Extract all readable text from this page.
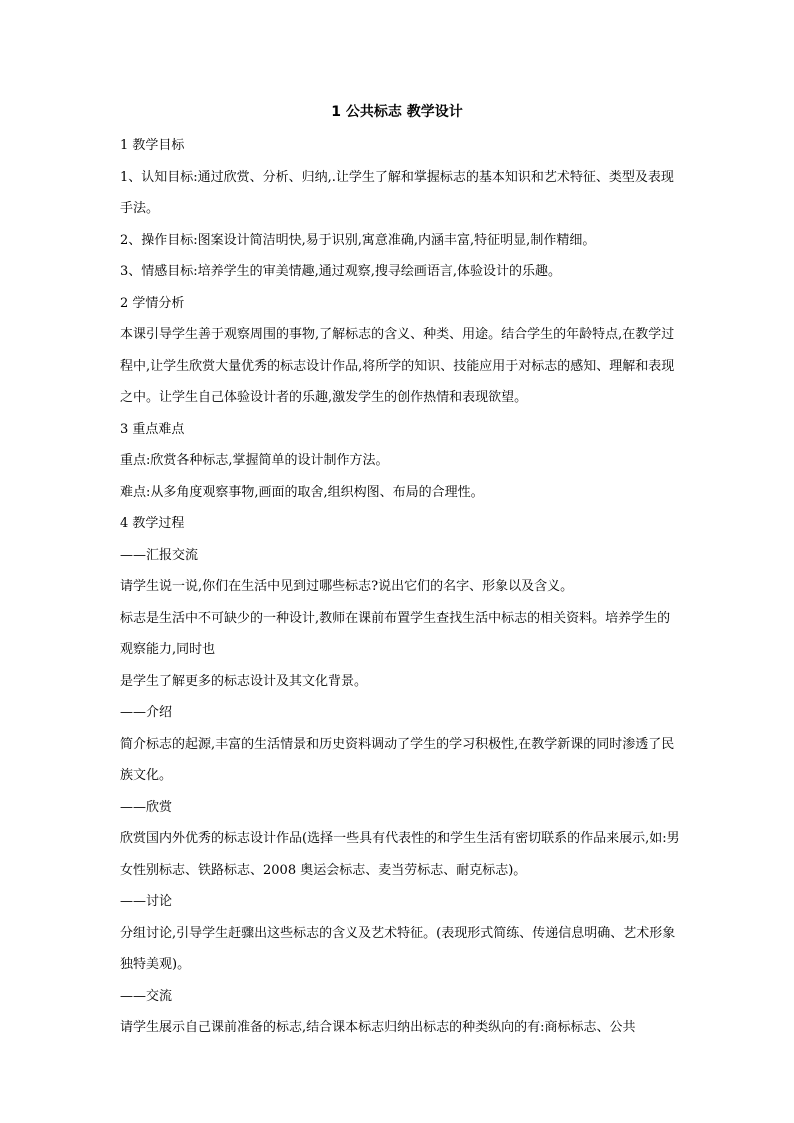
1 公共标志 教学设计

1 教学目标

1、认知目标:通过欣赏、分析、归纳,.让学生了解和掌握标志的基本知识和艺术特征、类型及表现手法。

2、操作目标:图案设计简洁明快,易于识别,寓意准确,内涵丰富,特征明显,制作精细。

3、情感目标:培养学生的审美情趣,通过观察,搜寻绘画语言,体验设计的乐趣。

2 学情分析

本课引导学生善于观察周围的事物,了解标志的含义、种类、用途。结合学生的年龄特点,在教学过程中,让学生欣赏大量优秀的标志设计作品,将所学的知识、技能应用于对标志的感知、理解和表现之中。让学生自己体验设计者的乐趣,激发学生的创作热情和表现欲望。

3 重点难点

重点:欣赏各种标志,掌握简单的设计制作方法。

难点:从多角度观察事物,画面的取舍,组织构图、布局的合理性。

4 教学过程

——汇报交流

请学生说一说,你们在生活中见到过哪些标志?说出它们的名字、形象以及含义。

标志是生活中不可缺少的一种设计,教师在课前布置学生查找生活中标志的相关资料。培养学生的观察能力,同时也

是学生了解更多的标志设计及其文化背景。

——介绍

简介标志的起源,丰富的生活情景和历史资料调动了学生的学习积极性,在教学新课的同时渗透了民族文化。

——欣赏

欣赏国内外优秀的标志设计作品(选择一些具有代表性的和学生生活有密切联系的作品来展示,如:男女性别标志、铁路标志、2008 奥运会标志、麦当劳标志、耐克标志)。

——讨论

分组讨论,引导学生赶骤出这些标志的含义及艺术特征。(表现形式简练、传递信息明确、艺术形象独特美观)。

——交流

请学生展示自己课前准备的标志,结合课本标志归纳出标志的种类纵向的有:商标标志、公共
